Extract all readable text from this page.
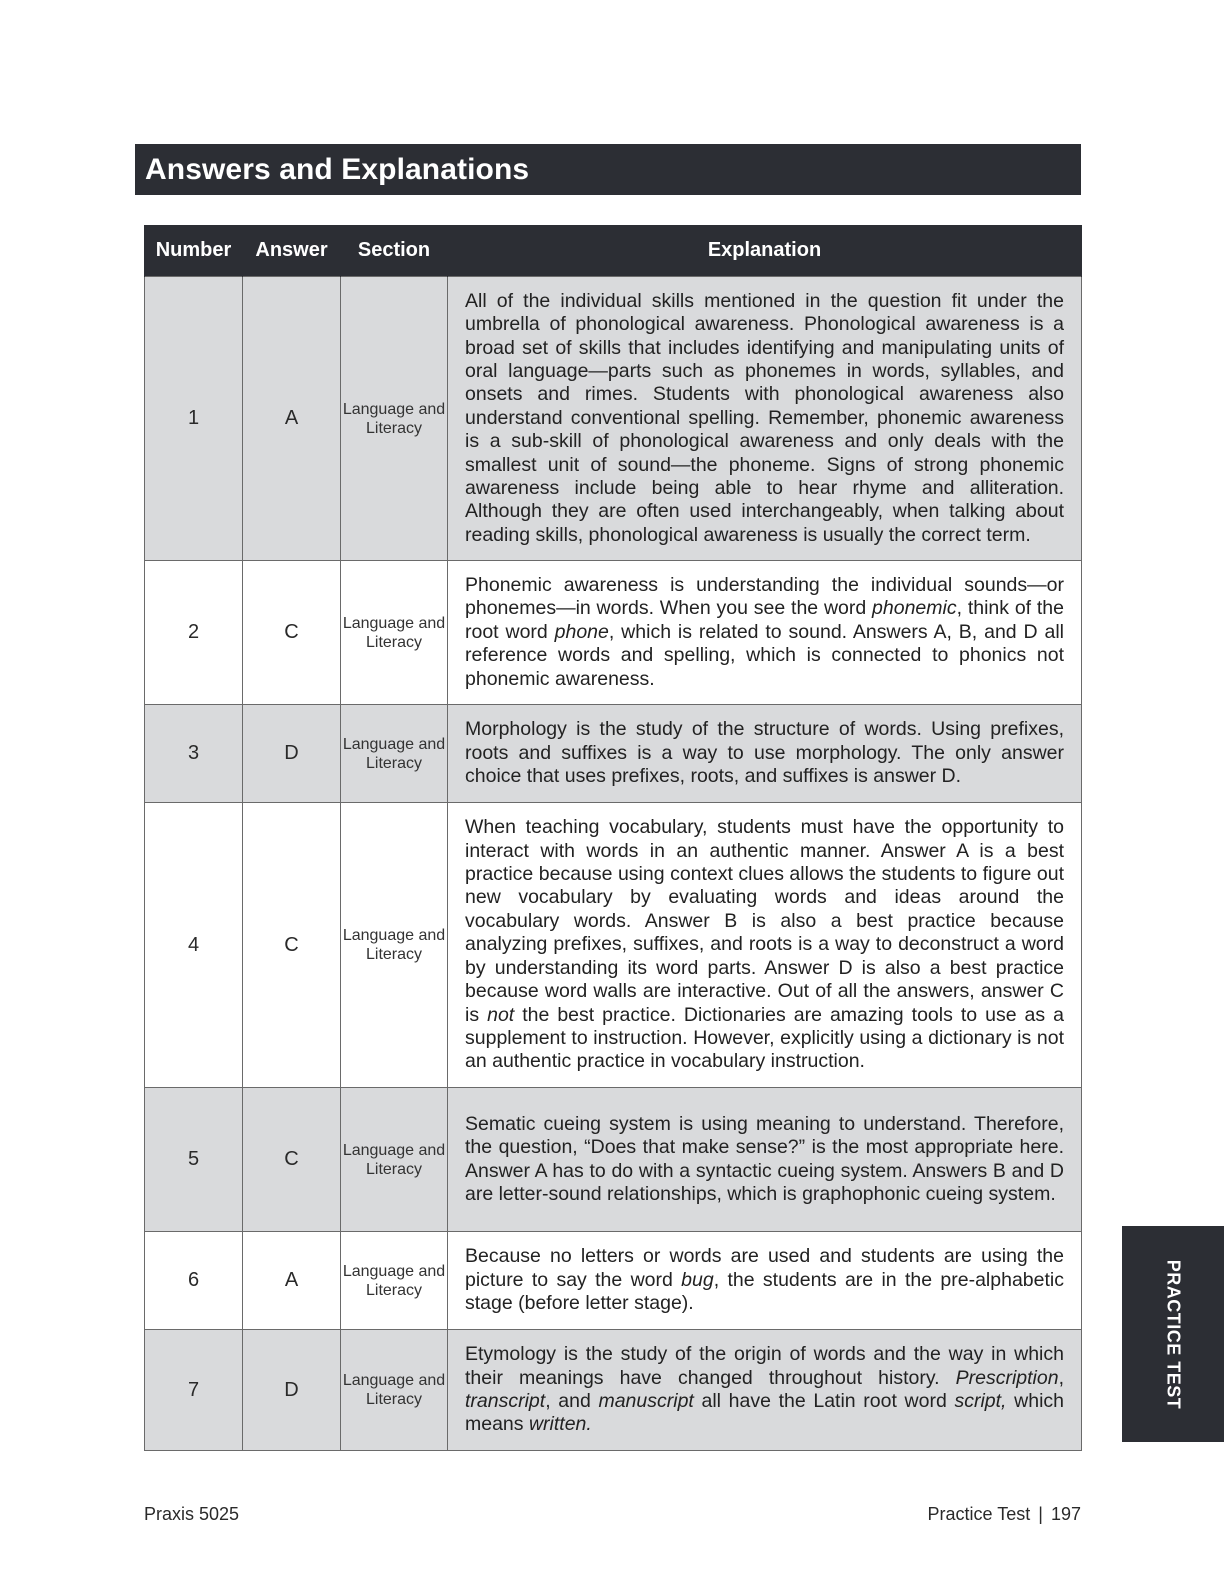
Answers and Explanations
Number	Answer	Section	Explanation
1	A	Language and Literacy	All of the individual skills mentioned in the question fit under the umbrella of phonological awareness. Phonological awareness is a broad set of skills that includes identifying and manipulating units of oral language—parts such as phonemes in words, syllables, and onsets and rimes. Students with phonological awareness also understand conventional spelling. Remember, phonemic awareness is a sub-skill of phonological awareness and only deals with the smallest unit of sound—the phoneme. Signs of strong phonemic awareness include being able to hear rhyme and alliteration. Although they are often used interchangeably, when talking about reading skills, phonological awareness is usually the correct term.
2	C	Language and Literacy	Phonemic awareness is understanding the individual sounds—or phonemes—in words. When you see the word phonemic, think of the root word phone, which is related to sound. Answers A, B, and D all reference words and spelling, which is connected to phonics not phonemic awareness.
3	D	Language and Literacy	Morphology is the study of the structure of words. Using prefixes, roots and suffixes is a way to use morphology. The only answer choice that uses prefixes, roots, and suffixes is answer D.
4	C	Language and Literacy	When teaching vocabulary, students must have the opportunity to interact with words in an authentic manner. Answer A is a best practice because using context clues allows the students to figure out new vocabulary by evaluating words and ideas around the vocabulary words. Answer B is also a best practice because analyzing prefixes, suffixes, and roots is a way to deconstruct a word by understanding its word parts. Answer D is also a best practice because word walls are interactive. Out of all the answers, answer C is not the best practice. Dictionaries are amazing tools to use as a supplement to instruction. However, explicitly using a dictionary is not an authentic practice in vocabulary instruction.
5	C	Language and Literacy	Sematic cueing system is using meaning to understand. Therefore, the question, “Does that make sense?” is the most appropriate here. Answer A has to do with a syntactic cueing system. Answers B and D are letter-sound relationships, which is graphophonic cueing system.
6	A	Language and Literacy	Because no letters or words are used and students are using the picture to say the word bug, the students are in the pre-alphabetic stage (before letter stage).
7	D	Language and Literacy	Etymology is the study of the origin of words and the way in which their meanings have changed throughout history. Prescription, transcript, and manuscript all have the Latin root word script, which means written.
PRACTICE TEST
Praxis 5025	Practice Test | 197
